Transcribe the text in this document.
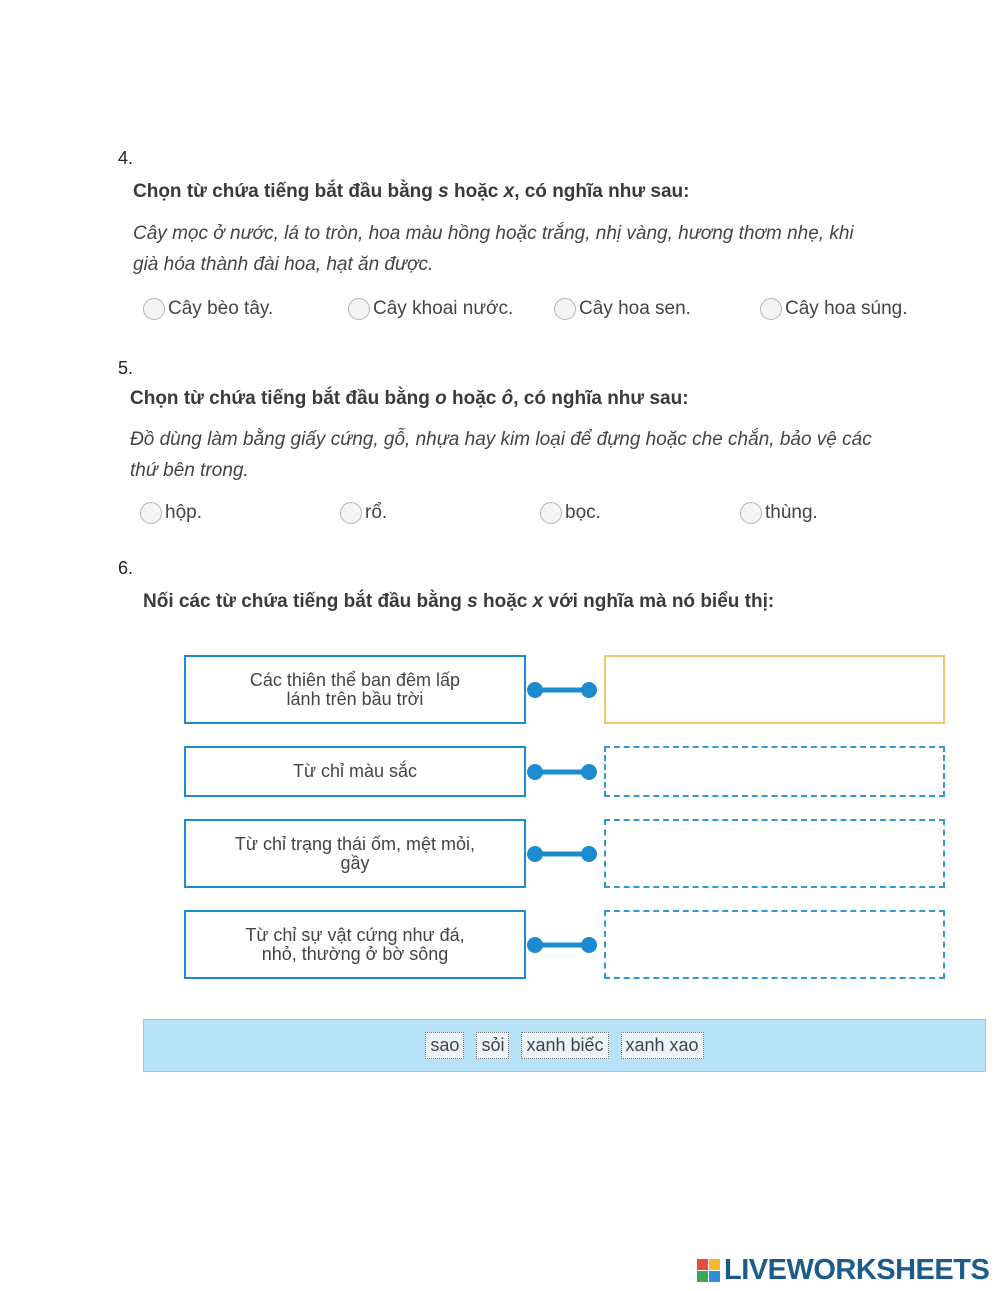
4.
Chọn từ chứa tiếng bắt đầu bằng s hoặc x, có nghĩa như sau:
Cây mọc ở nước, lá to tròn, hoa màu hồng hoặc trắng, nhị vàng, hương thơm nhẹ, khi
già hóa thành đài hoa, hạt ăn được.
Cây bèo tây.	Cây khoai nước.	Cây hoa sen.	Cây hoa súng.
5.
Chọn từ chứa tiếng bắt đầu bằng o hoặc ô, có nghĩa như sau:
Đồ dùng làm bằng giấy cứng, gỗ, nhựa hay kim loại để đựng hoặc che chắn, bảo vệ các
thứ bên trong.
hộp.	rổ.	bọc.	thùng.
6.
Nối các từ chứa tiếng bắt đầu bằng s hoặc x với nghĩa mà nó biểu thị:
Các thiên thể ban đêm lấp
lánh trên bầu trời
Từ chỉ màu sắc
Từ chỉ trạng thái ốm, mệt mỏi,
gầy
Từ chỉ sự vật cứng như đá,
nhỏ, thường ở bờ sông
sao sỏi xanh biếc xanh xao
LIVEWORKSHEETS
